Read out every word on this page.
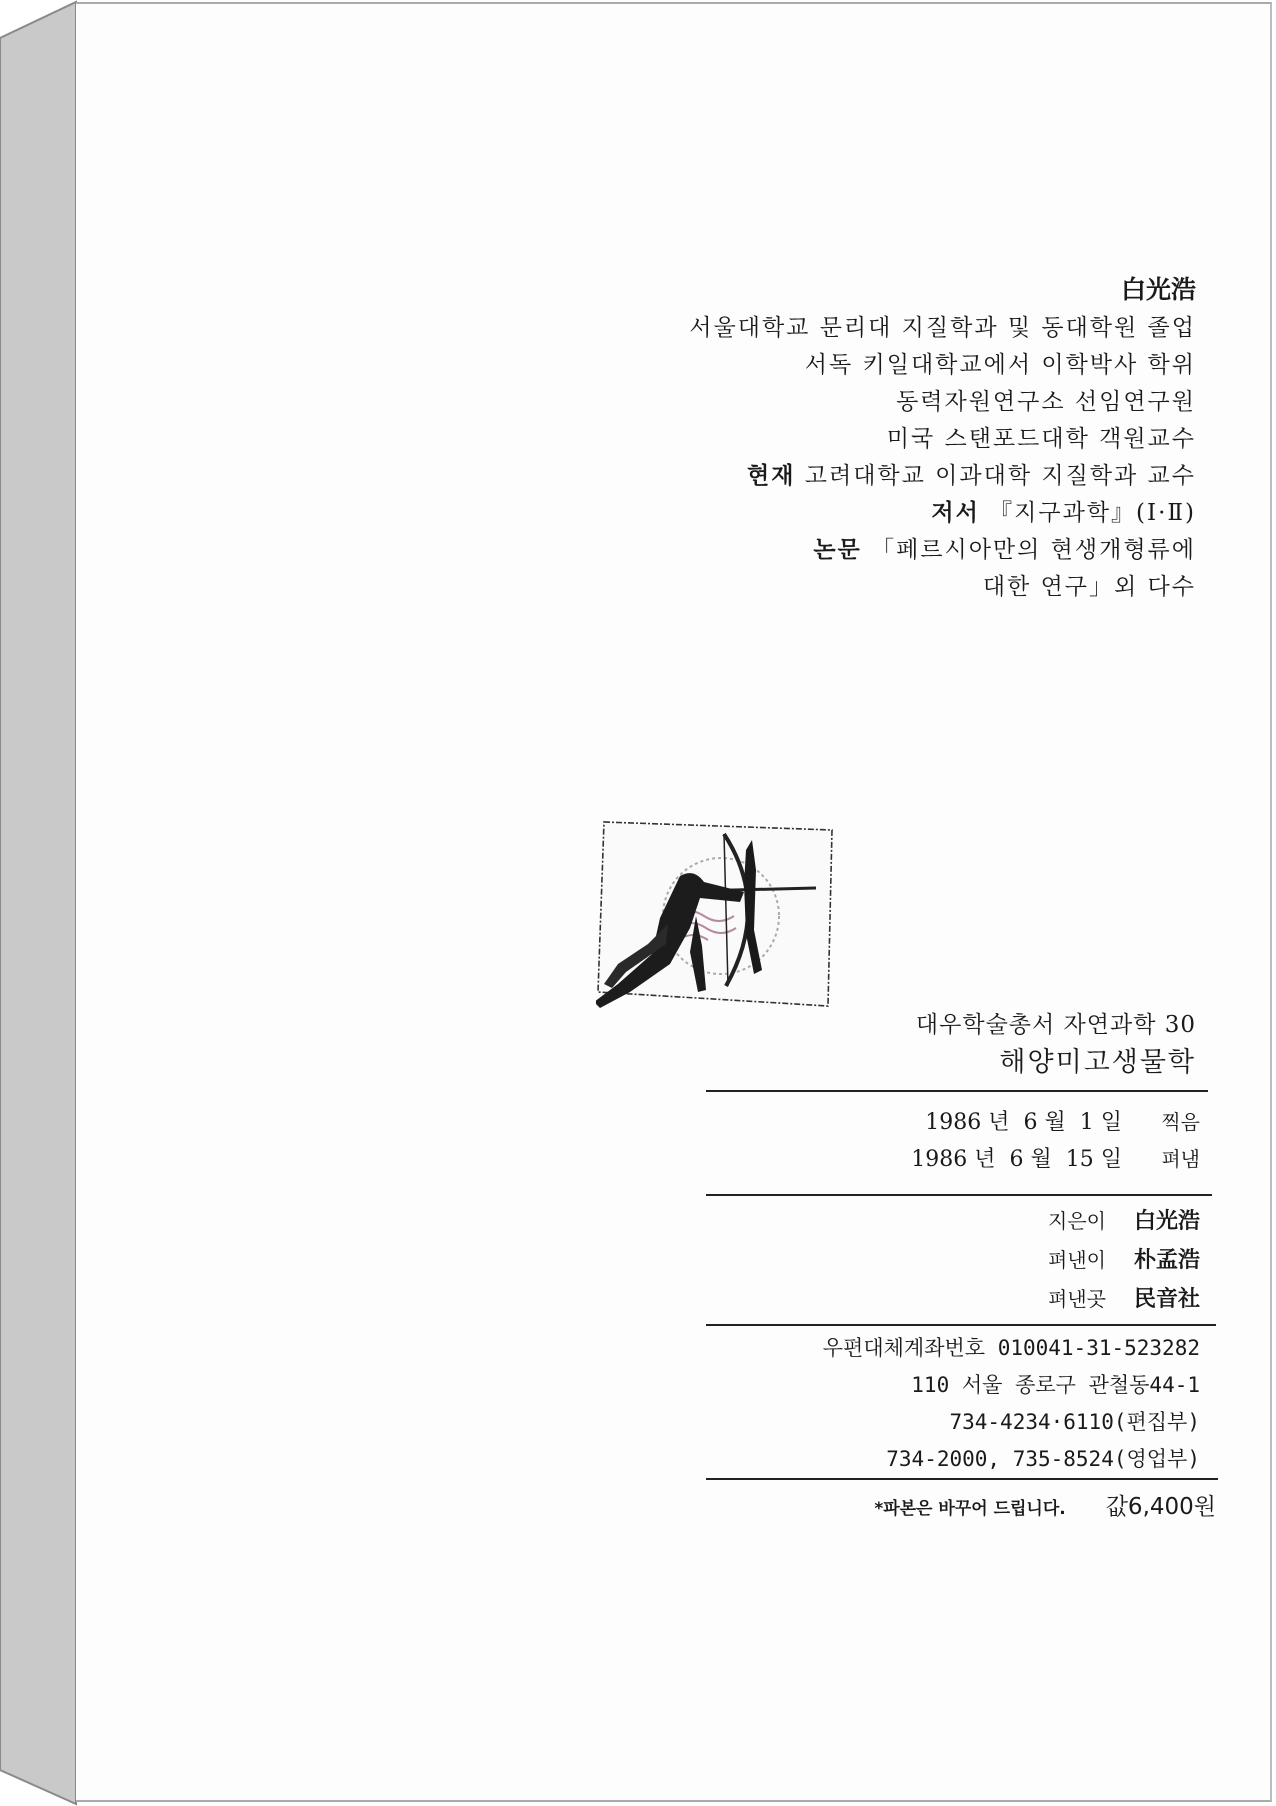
白光浩
서울대학교 문리대 지질학과 및 동대학원 졸업
서독 키일대학교에서 이학박사 학위
동력자원연구소 선임연구원
미국 스탠포드대학 객원교수
현재 고려대학교 이과대학 지질학과 교수
저서 『지구과학』(Ⅰ·Ⅱ)
논문 「페르시아만의 현생개형류에
대한 연구」외 다수
대우학술총서 자연과학 30
해양미고생물학
1986 년  6 월  1 일	찍음
1986 년  6 월  15 일	펴냄
지은이	白光浩
펴낸이	朴孟浩
펴낸곳	民音社
우편대체계좌번호 010041-31-523282
110 서울 종로구 관철동44-1
734-4234·6110(편집부)
734-2000, 735-8524(영업부)
*파본은 바꾸어 드립니다. 값6,400원
